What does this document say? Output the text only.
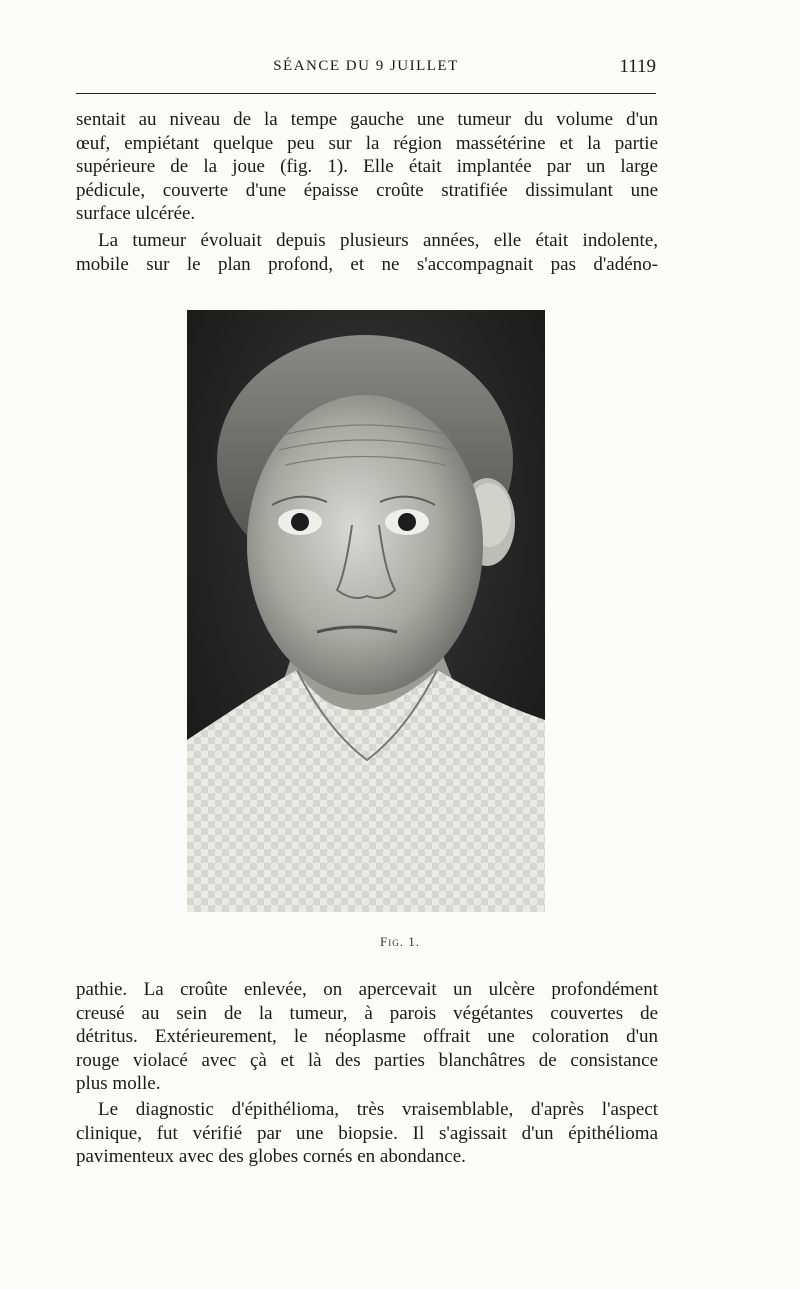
SÉANCE DU 9 JUILLET	1119
sentait au niveau de la tempe gauche une tumeur du volume d'un
œuf, empiétant quelque peu sur la région massétérine et la partie
supérieure de la joue (fig. 1). Elle était implantée par un large
pédicule, couverte d'une épaisse croûte stratifiée dissimulant une
surface ulcérée.
La tumeur évoluait depuis plusieurs années, elle était indolente,
mobile sur le plan profond, et ne s'accompagnait pas d'adéno-
Fig. 1.
pathie. La croûte enlevée, on apercevait un ulcère profondément
creusé au sein de la tumeur, à parois végétantes couvertes de
détritus. Extérieurement, le néoplasme offrait une coloration d'un
rouge violacé avec çà et là des parties blanchâtres de consistance
plus molle.
Le diagnostic d'épithélioma, très vraisemblable, d'après l'aspect
clinique, fut vérifié par une biopsie. Il s'agissait d'un épithélioma
pavimenteux avec des globes cornés en abondance.
